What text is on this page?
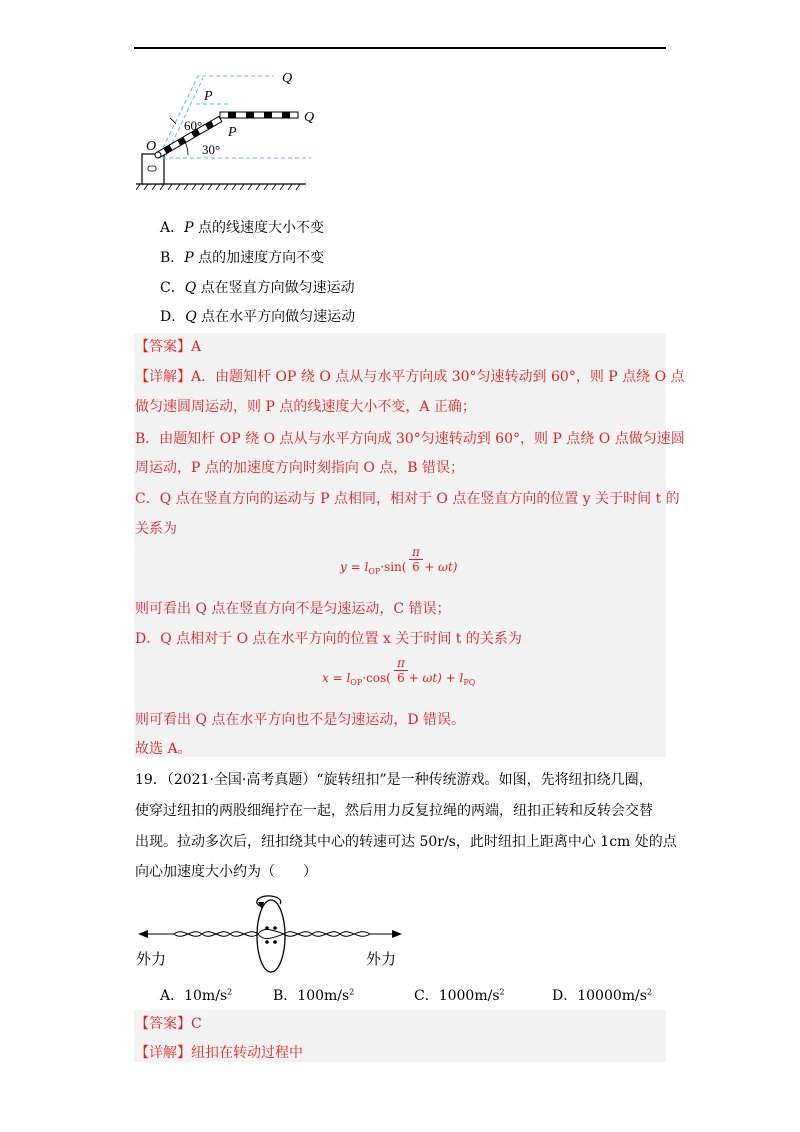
Q
P
Q
P
O
60°
30°
A．P 点的线速度大小不变
B．P 点的加速度方向不变
C．Q 点在竖直方向做匀速运动
D．Q 点在水平方向做匀速运动
【答案】A
【详解】A．由题知杆 OP 绕 O 点从与水平方向成 30°匀速转动到 60°，则 P 点绕 O 点
做匀速圆周运动，则 P 点的线速度大小不变，A 正确；
B．由题知杆 OP 绕 O 点从与水平方向成 30°匀速转动到 60°，则 P 点绕 O 点做匀速圆
周运动，P 点的加速度方向时刻指向 O 点，B 错误；
C．Q 点在竖直方向的运动与 P 点相同，相对于 O 点在竖直方向的位置 y 关于时间 t 的
关系为
$y = l_{OP}\cdot\sin( + \omega t)$
$\frac{\pi}{6}$
则可看出 Q 点在竖直方向不是匀速运动，C 错误；
D．Q 点相对于 O 点在水平方向的位置 x 关于时间 t 的关系为
$x = l_{OP}\cdot\cos( + \omega t) + l_{PQ}$
$\frac{\pi}{6}$
则可看出 Q 点在水平方向也不是匀速运动，D 错误。
故选 A。
19．（2021·全国·高考真题）“旋转纽扣”是一种传统游戏。如图，先将纽扣绕几圈，
使穿过纽扣的两股细绳拧在一起，然后用力反复拉绳的两端，纽扣正转和反转会交替
出现。拉动多次后，纽扣绕其中心的转速可达 50r/s，此时纽扣上距离中心 1cm 处的点
向心加速度大小约为（　　）
外力	外力
A．$10m/s^2$	B．$100m/s^2$	C．$1000m/s^2$	D．$10000m/s^2$
【答案】C
【详解】纽扣在转动过程中
